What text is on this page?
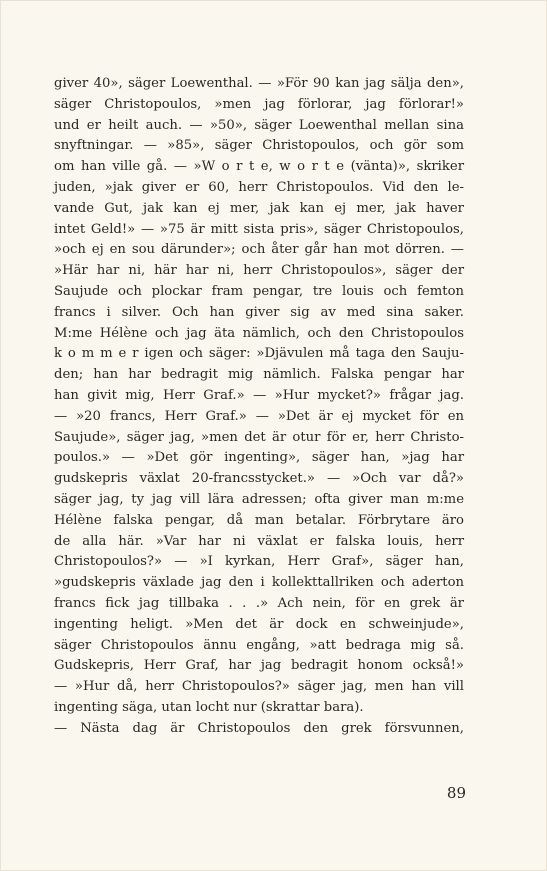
giver 40», säger Loewenthal. — »För 90 kan jag sälja den»,
säger Christopoulos, »men jag förlorar, jag förlorar!»
und er heilt auch. — »50», säger Loewenthal mellan sina
snyftningar. — »85», säger Christopoulos, och gör som
om han ville gå. — »W o r t e, w o r t e (vänta)», skriker
juden, »jak giver er 60, herr Christopoulos. Vid den le-
vande Gut, jak kan ej mer, jak kan ej mer, jak haver
intet Geld!» — »75 är mitt sista pris», säger Christopoulos,
»och ej en sou därunder»; och åter går han mot dörren. —
»Här har ni, här har ni, herr Christopoulos», säger der
Saujude och plockar fram pengar, tre louis och femton
francs i silver. Och han giver sig av med sina saker.
M:me Hélène och jag äta nämlich, och den Christopoulos
k o m m e r igen och säger: »Djävulen må taga den Sauju-
den; han har bedragit mig nämlich. Falska pengar har
han givit mig, Herr Graf.» — »Hur mycket?» frågar jag.
— »20 francs, Herr Graf.» — »Det är ej mycket för en
Saujude», säger jag, »men det är otur för er, herr Christo-
poulos.» — »Det gör ingenting», säger han, »jag har
gudskepris växlat 20-francsstycket.» — »Och var då?»
säger jag, ty jag vill lära adressen; ofta giver man m:me
Hélène falska pengar, då man betalar. Förbrytare äro
de alla här. »Var har ni växlat er falska louis, herr
Christopoulos?» — »I kyrkan, Herr Graf», säger han,
»gudskepris växlade jag den i kollekttallriken och aderton
francs fick jag tillbaka . . .» Ach nein, för en grek är
ingenting heligt. »Men det är dock en schweinjude»,
säger Christopoulos ännu engång, »att bedraga mig så.
Gudskepris, Herr Graf, har jag bedragit honom också!»
— »Hur då, herr Christopoulos?» säger jag, men han vill
ingenting säga, utan locht nur (skrattar bara).
— Nästa dag är Christopoulos den grek försvunnen,
89
